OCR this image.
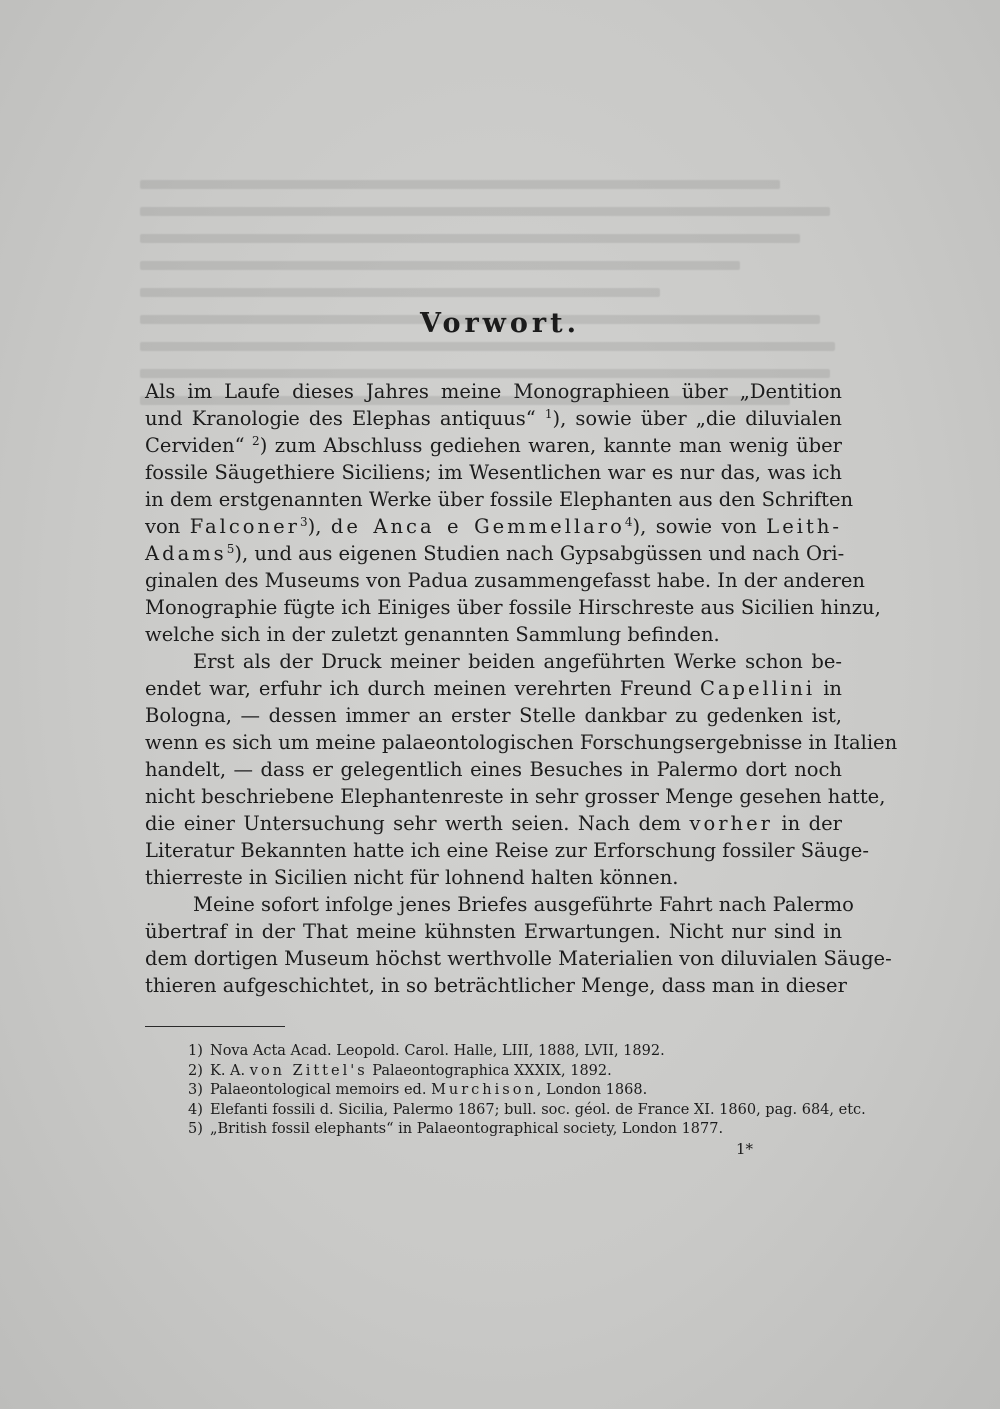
Vorwort.
Als im Laufe dieses Jahres meine Monographieen über „Dentition
und Kranologie des Elephas antiquus“ $^1$), sowie über „die diluvialen
Cerviden“ $^2$) zum Abschluss gediehen waren, kannte man wenig über
fossile Säugethiere Siciliens; im Wesentlichen war es nur das, was ich
in dem erstgenannten Werke über fossile Elephanten aus den Schriften
von Falconer$^3$), de Anca e Gemmellaro$^4$), sowie von Leith-
Adams$^5$), und aus eigenen Studien nach Gypsabgüssen und nach Ori-
ginalen des Museums von Padua zusammengefasst habe. In der anderen
Monographie fügte ich Einiges über fossile Hirschreste aus Sicilien hinzu,
welche sich in der zuletzt genannten Sammlung befinden.
Erst als der Druck meiner beiden angeführten Werke schon be-
endet war, erfuhr ich durch meinen verehrten Freund Capellini in
Bologna, — dessen immer an erster Stelle dankbar zu gedenken ist,
wenn es sich um meine palaeontologischen Forschungsergebnisse in Italien
handelt, — dass er gelegentlich eines Besuches in Palermo dort noch
nicht beschriebene Elephantenreste in sehr grosser Menge gesehen hatte,
die einer Untersuchung sehr werth seien. Nach dem vorher in der
Literatur Bekannten hatte ich eine Reise zur Erforschung fossiler Säuge-
thierreste in Sicilien nicht für lohnend halten können.
Meine sofort infolge jenes Briefes ausgeführte Fahrt nach Palermo
übertraf in der That meine kühnsten Erwartungen. Nicht nur sind in
dem dortigen Museum höchst werthvolle Materialien von diluvialen Säuge-
thieren aufgeschichtet, in so beträchtlicher Menge, dass man in dieser
1) Nova Acta Acad. Leopold. Carol. Halle, LIII, 1888, LVII, 1892.
2) K. A. von Zittel's Palaeontographica XXXIX, 1892.
3) Palaeontological memoirs ed. Murchison, London 1868.
4) Elefanti fossili d. Sicilia, Palermo 1867; bull. soc. géol. de France XI. 1860, pag. 684, etc.
5) „British fossil elephants“ in Palaeontographical society, London 1877.
1*
